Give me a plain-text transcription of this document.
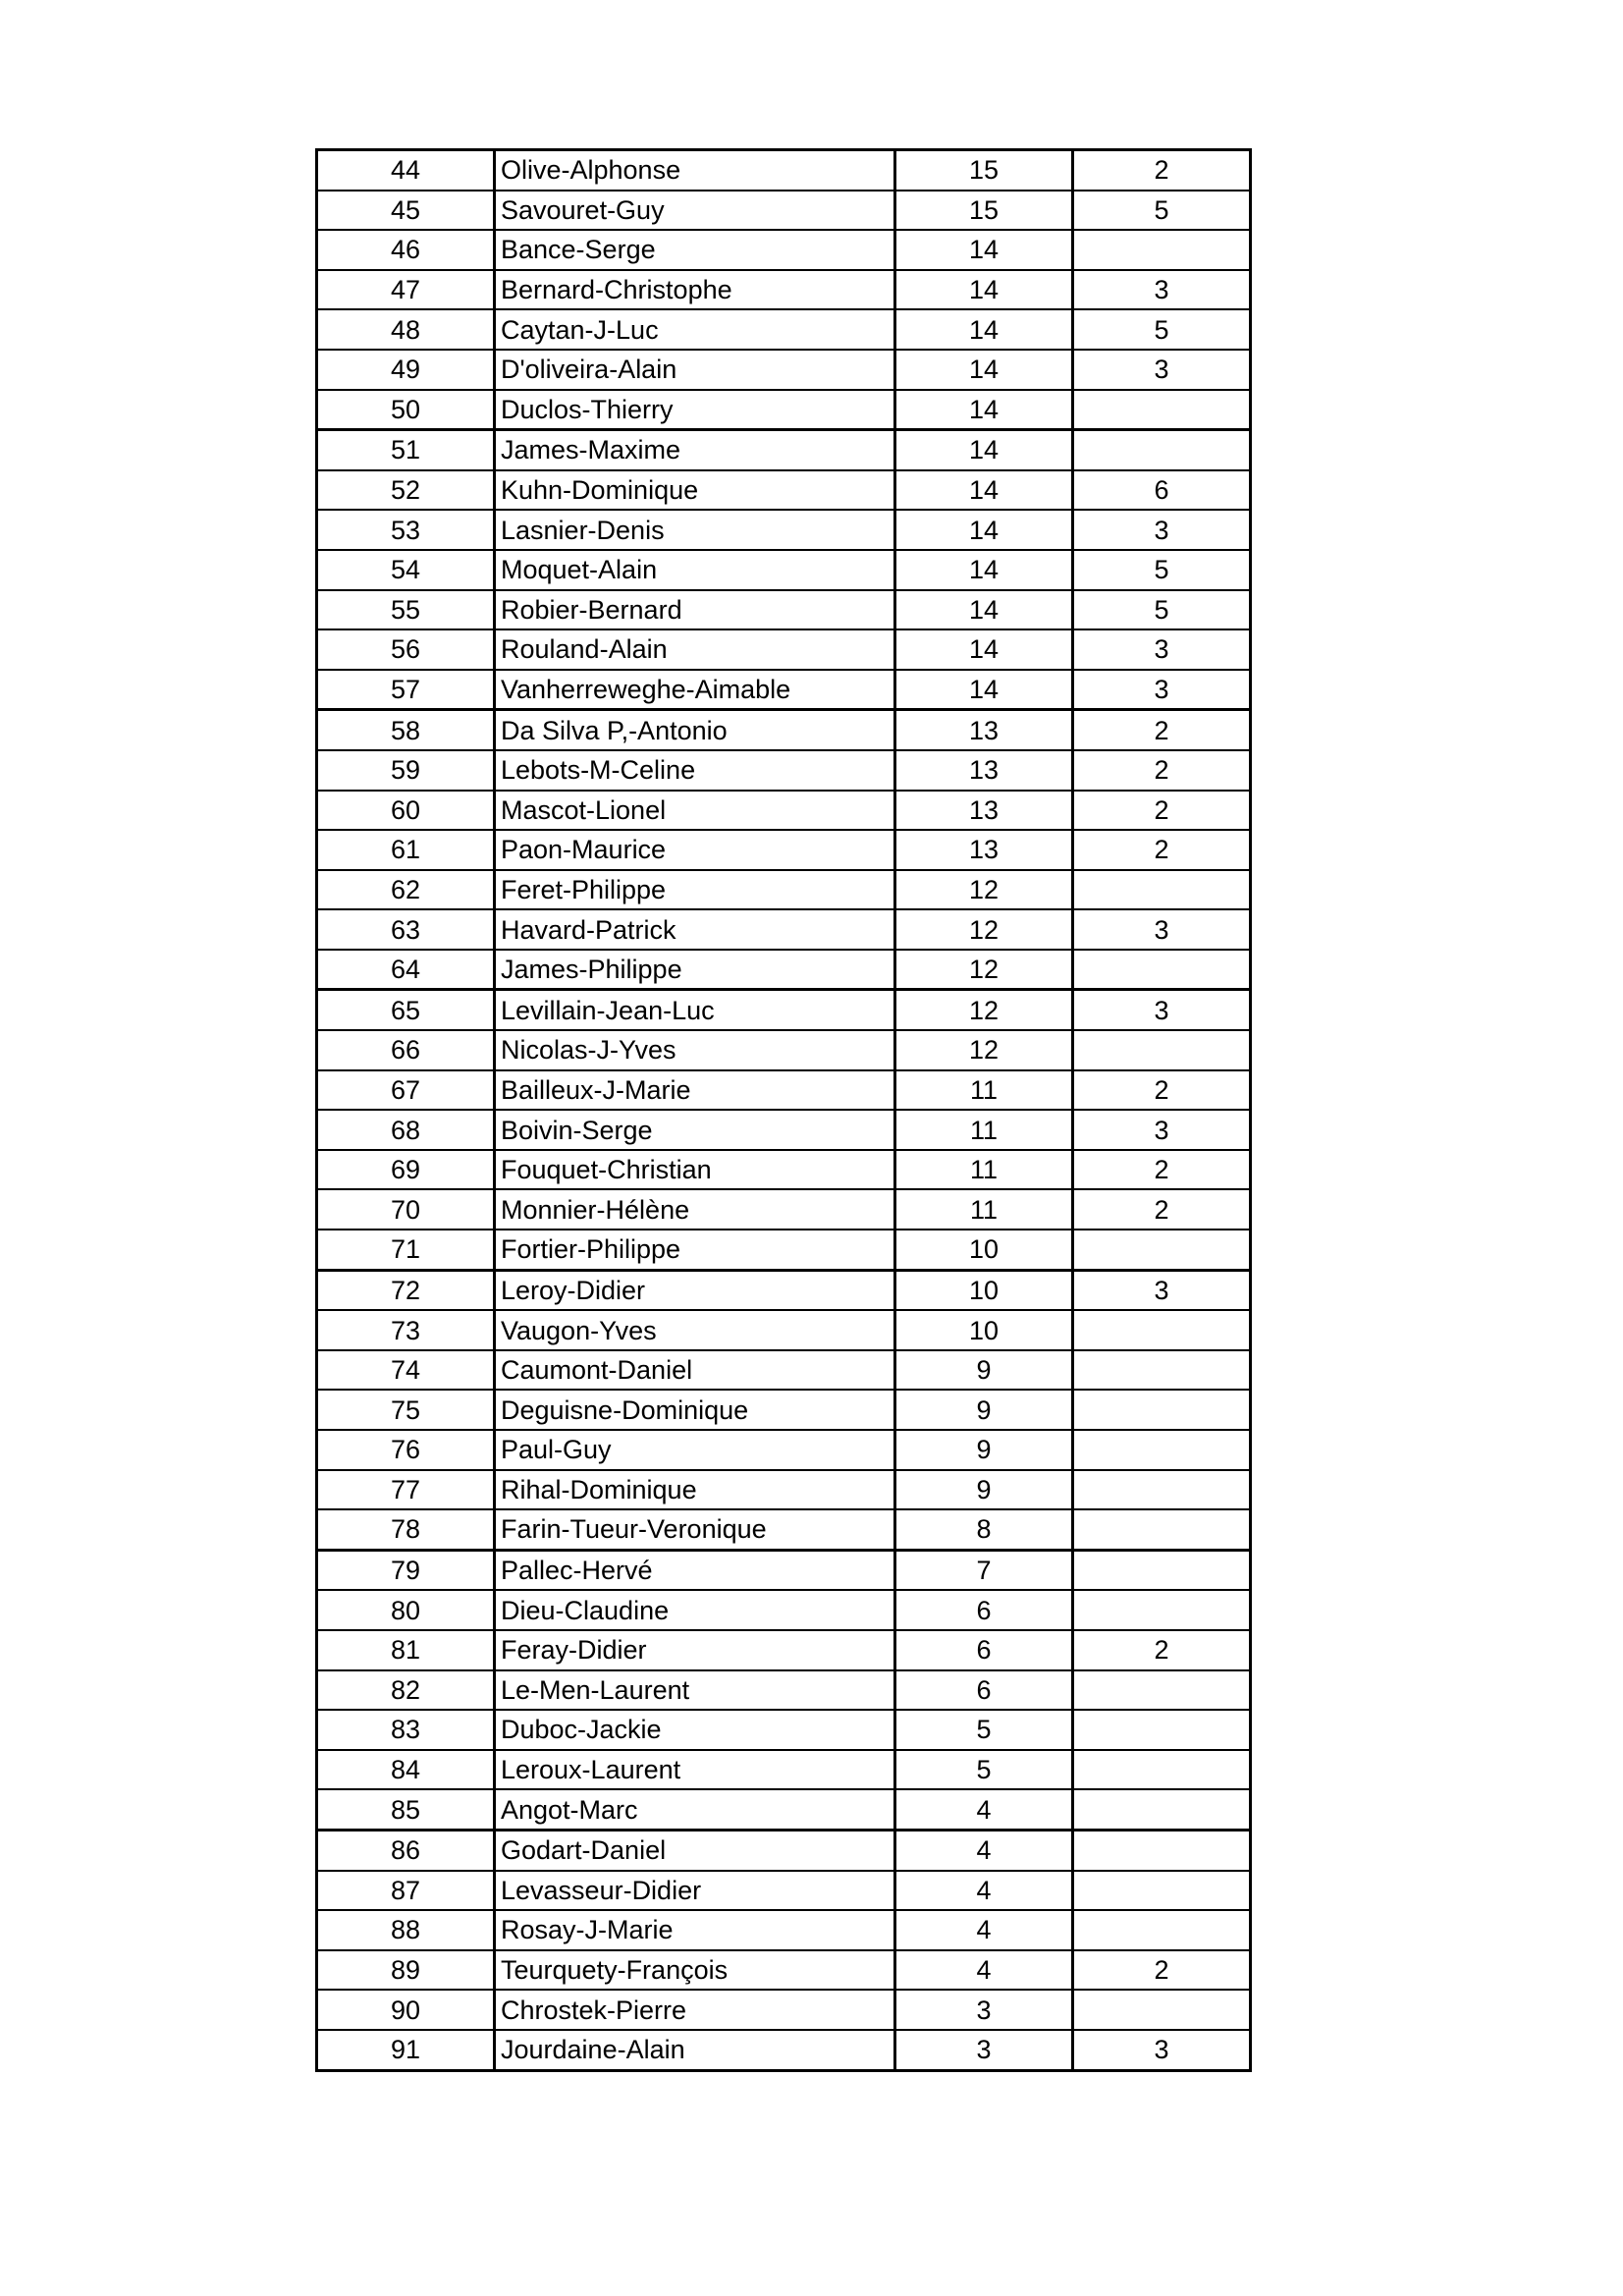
44	Olive-Alphonse	15	2
45	Savouret-Guy	15	5
46	Bance-Serge	14	
47	Bernard-Christophe	14	3
48	Caytan-J-Luc	14	5
49	D'oliveira-Alain	14	3
50	Duclos-Thierry	14	
51	James-Maxime	14	
52	Kuhn-Dominique	14	6
53	Lasnier-Denis	14	3
54	Moquet-Alain	14	5
55	Robier-Bernard	14	5
56	Rouland-Alain	14	3
57	Vanherreweghe-Aimable	14	3
58	Da Silva P,-Antonio	13	2
59	Lebots-M-Celine	13	2
60	Mascot-Lionel	13	2
61	Paon-Maurice	13	2
62	Feret-Philippe	12	
63	Havard-Patrick	12	3
64	James-Philippe	12	
65	Levillain-Jean-Luc	12	3
66	Nicolas-J-Yves	12	
67	Bailleux-J-Marie	11	2
68	Boivin-Serge	11	3
69	Fouquet-Christian	11	2
70	Monnier-Hélène	11	2
71	Fortier-Philippe	10	
72	Leroy-Didier	10	3
73	Vaugon-Yves	10	
74	Caumont-Daniel	9	
75	Deguisne-Dominique	9	
76	Paul-Guy	9	
77	Rihal-Dominique	9	
78	Farin-Tueur-Veronique	8	
79	Pallec-Hervé	7	
80	Dieu-Claudine	6	
81	Feray-Didier	6	2
82	Le-Men-Laurent	6	
83	Duboc-Jackie	5	
84	Leroux-Laurent	5	
85	Angot-Marc	4	
86	Godart-Daniel	4	
87	Levasseur-Didier	4	
88	Rosay-J-Marie	4	
89	Teurquety-François	4	2
90	Chrostek-Pierre	3	
91	Jourdaine-Alain	3	3
